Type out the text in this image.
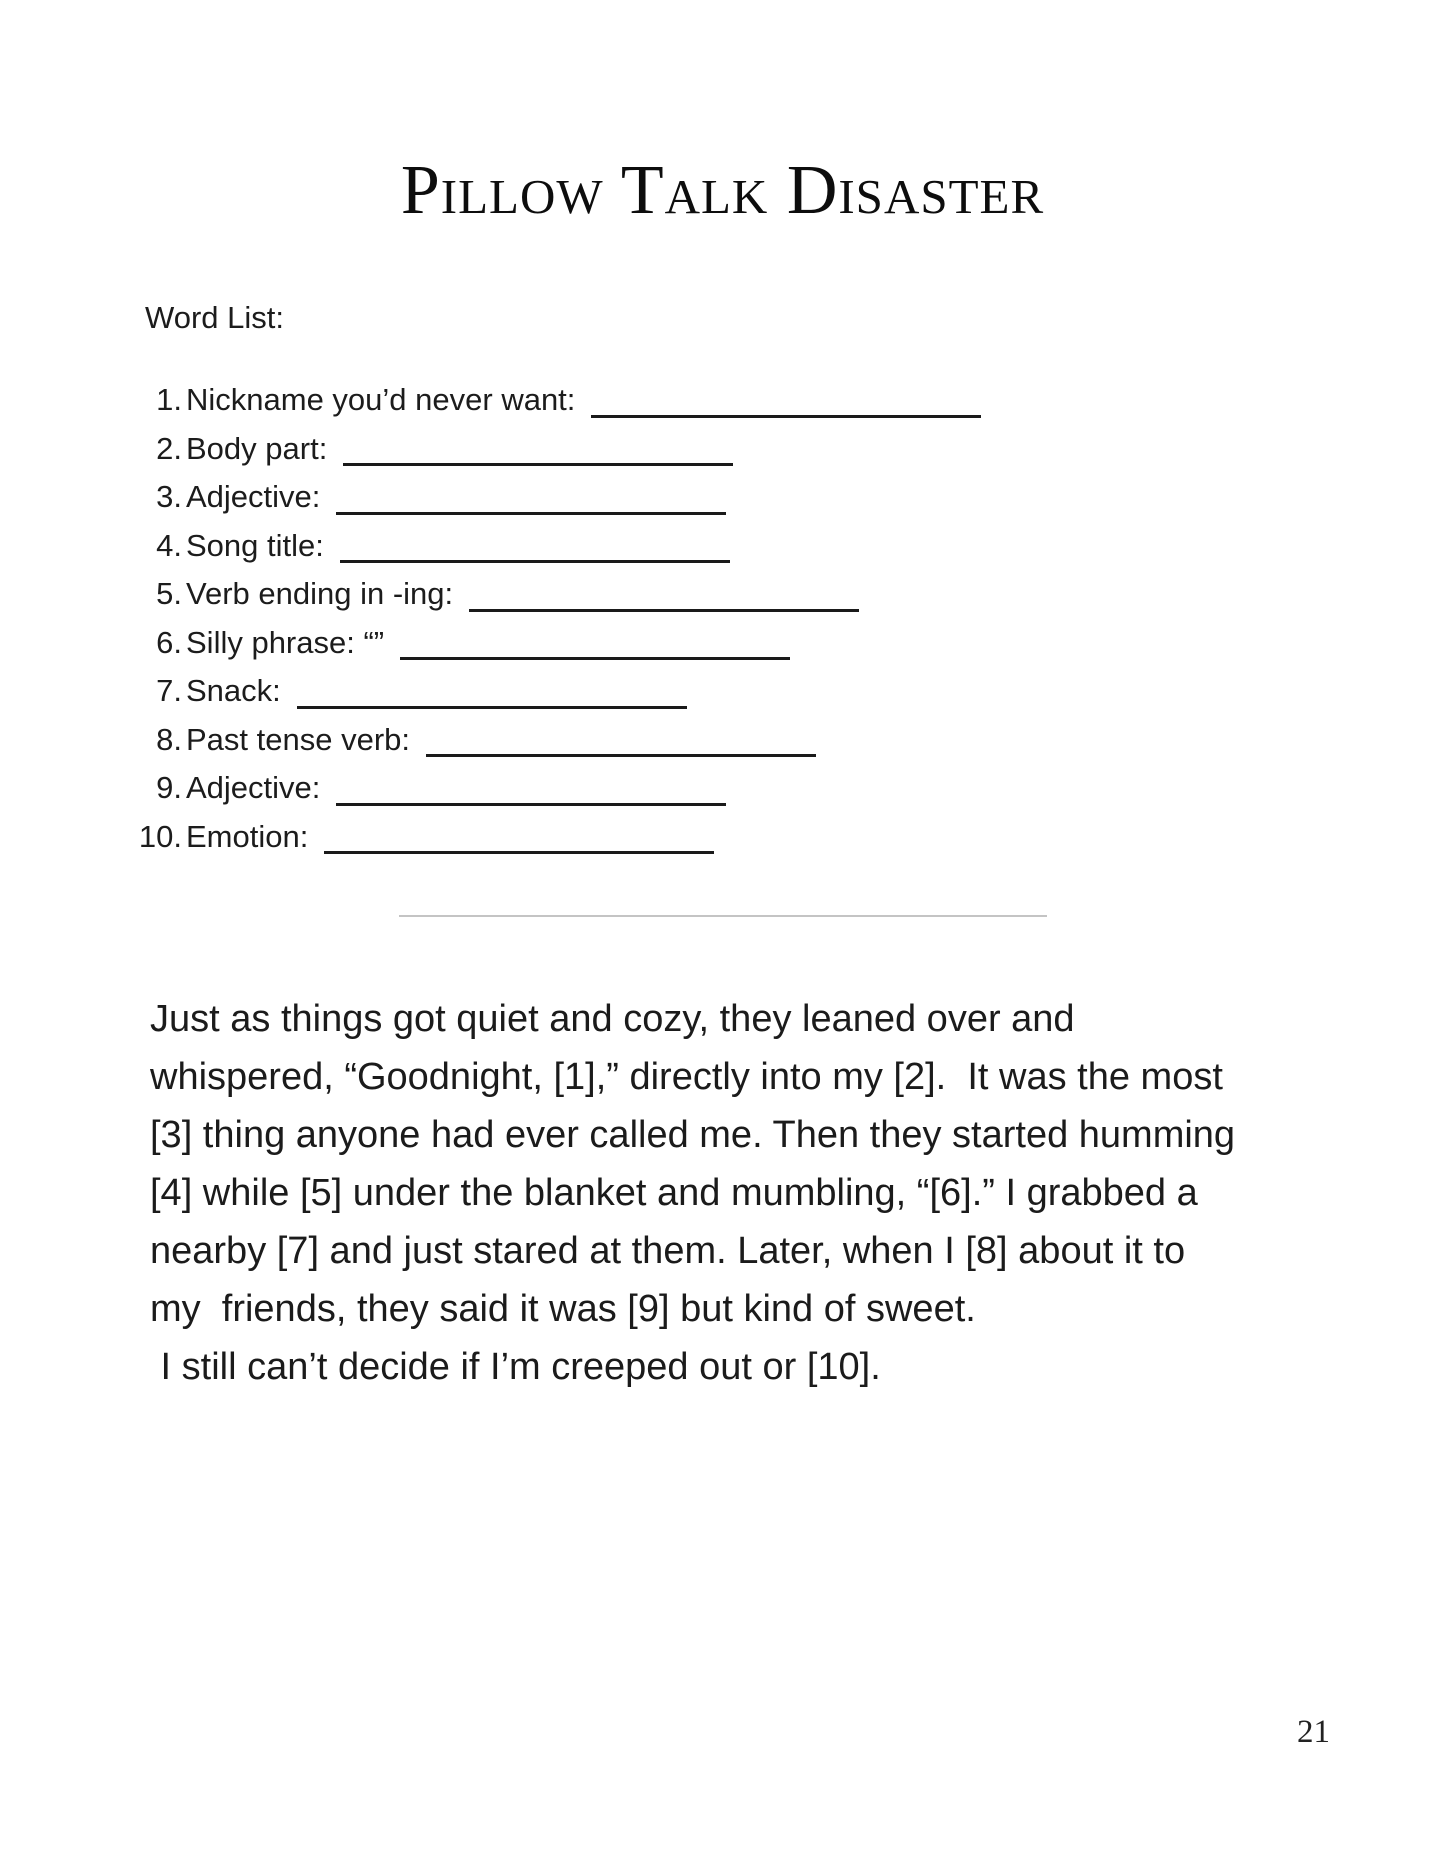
Pillow Talk Disaster
Word List:
1. Nickname you’d never want:
2. Body part:
3. Adjective:
4. Song title:
5. Verb ending in -ing:
6. Silly phrase: “”
7. Snack:
8. Past tense verb:
9. Adjective:
10. Emotion:
Just as things got quiet and cozy, they leaned over and
whispered, “Goodnight, [1],” directly into my [2].  It was the most
[3] thing anyone had ever called me. Then they started humming
[4] while [5] under the blanket and mumbling, “[6].” I grabbed a
nearby [7] and just stared at them. Later, when I [8] about it to
my  friends, they said it was [9] but kind of sweet.
I still can’t decide if I’m creeped out or [10].
21
